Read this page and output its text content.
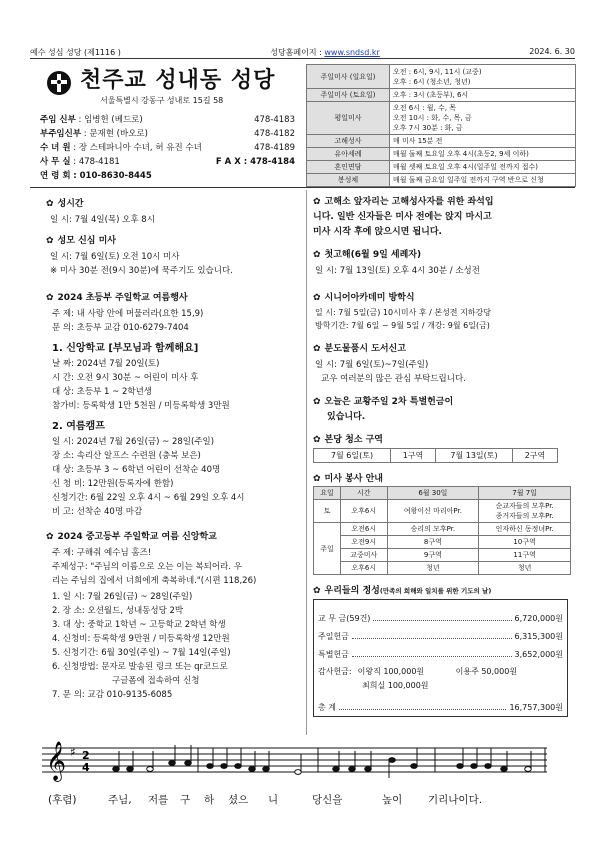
예수 성심 성당 (제1116 )	성당홈페이지 : www.sndsd.kr	2024. 6. 30
천주교 성내동 성당
서울특별시 강동구 성내로 15길 58
주임 신부 : 임병헌 (베드로)	478-4183
부주임신부 : 문재현 (바오로)	478-4182
수 녀 원 : 장 스테파니아 수녀, 허 유진 수녀	478-4189
사 무 실 : 478-4181	F A X : 478-4184
연 령 회 : 010-8630-8445
주일미사 (일요일)	오전 : 6시, 9시, 11시 (교중)
오후 : 6시 (청소년, 청년)
주일미사 (토요일)	오후 : 3시 (초등부), 6시
평일미사	오전 6시 : 월, 수, 목
오전 10시 : 화, 수, 목, 금
오후 7시 30분 : 화, 금
고해성사	매 미사 15분 전
유아세례	매월 둘째 토요일 오후 4시(초등2, 9세 이하)
혼인면담	매월 셋째 토요일 오후 4시(일주일 전까지 접수)
봉성체	매월 둘째 금요일 일주일 전까지 구역 반으로 신청
✿ 성시간
일 시: 7월 4일(목) 오후 8시
✿ 성모 신심 미사
일 시: 7월 6일(토) 오전 10시 미사
※ 미사 30분 전(9시 30분)에 묵주기도 있습니다.
✿ 2024 초등부 주일학교 여름행사
주 제: 내 사랑 안에 머물러라(요한 15,9)
문 의: 초등부 교감 010-6279-7404
1. 신앙학교 [부모님과 함께해요]
날 짜: 2024년 7월 20일(토)
시 간: 오전 9시 30분 ~ 어린이 미사 후
대 상: 초등부 1 ~ 2학년생
참가비: 등록학생 1만 5천원 / 미등록학생 3만원
2. 여름캠프
일 시: 2024년 7월 26일(금) ~ 28일(주일)
장 소: 속리산 알프스 수련원 (충북 보은)
대 상: 초등부 3 ~ 6학년 어린이 선착순 40명
신 청 비: 12만원(등록자에 한함)
신청기간: 6월 22일 오후 4시 ~ 6월 29일 오후 4시
비 고: 선착순 40명 마감
✿ 2024 중고등부 주일학교 여름 신앙학교
주 제: 구해줘 예수님 홈즈!
주제성구: "주님의 이름으로 오는 이는 복되어라. 우
리는 주님의 집에서 너희에게 축복하네."(시편 118,26)
1. 일 시: 7월 26일(금) ~ 28일(주일)
2. 장 소: 오션월드, 성내동성당 2박
3. 대 상: 중학교 1학년 ~ 고등학교 2학년 학생
4. 신청비: 등록학생 9만원 / 미등록학생 12만원
5. 신청기간: 6월 30일(주일) ~ 7월 14일(주일)
6. 신청방법: 문자로 발송된 링크 또는 qr코드로
구글폼에 접속하여 신청
7. 문 의: 교감 010-9135-6085
✿ 고해소 앞자리는 고해성사자를 위한 좌석입
니다. 일반 신자들은 미사 전에는 앉지 마시고
미사 시작 후에 앉으시면 됩니다.
✿ 첫고해(6월 9일 세례자)
일 시: 7월 13일(토) 오후 4시 30분 / 소성전
✿ 시니어아카데미 방학식
일 시: 7월 5일(금) 10시미사 후 / 본성전 지하강당
방학기간: 7월 6일 ~ 9월 5일 / 개강: 9월 6일(금)
✿ 분도물품시 도서신고
일 시: 7월 6일(토)~7일(주일)
교우 여러분의 많은 관심 부탁드립니다.
✿ 오늘은 교황주일 2차 특별헌금이
있습니다.
✿ 본당 청소 구역
7월 6일(토)	1구역	7월 13일(토)	2구역
✿ 미사 봉사 안내
요일	시간	6월 30일	7월 7일
토	오후6시	여왕이신 마리아Pr.	순교자들의 모후Pr.
종거자들의 모후Pr.
주일	오전6시	승리의 모후Pr.	인자하신 동정녀Pr.
	오전9시	8구역	10구역
	교중미사	9구역	11구역
	오후6시	청년	청년
✿ 우리들의 정성(만족의 희해와 일치를 위한 기도의 날)
교 무 금(59건)	6,720,000원
주일헌금	6,315,300원
특별헌금	3,652,000원
감사헌금: 이왕직 100,000원	이용주 50,000원
최희실 100,000원
총 계	16,757,300원
𝄞 ♯ 2
4
(후렴)	주님,	저를	구	하	셨으	니	당신을	높이	기리나이다.
